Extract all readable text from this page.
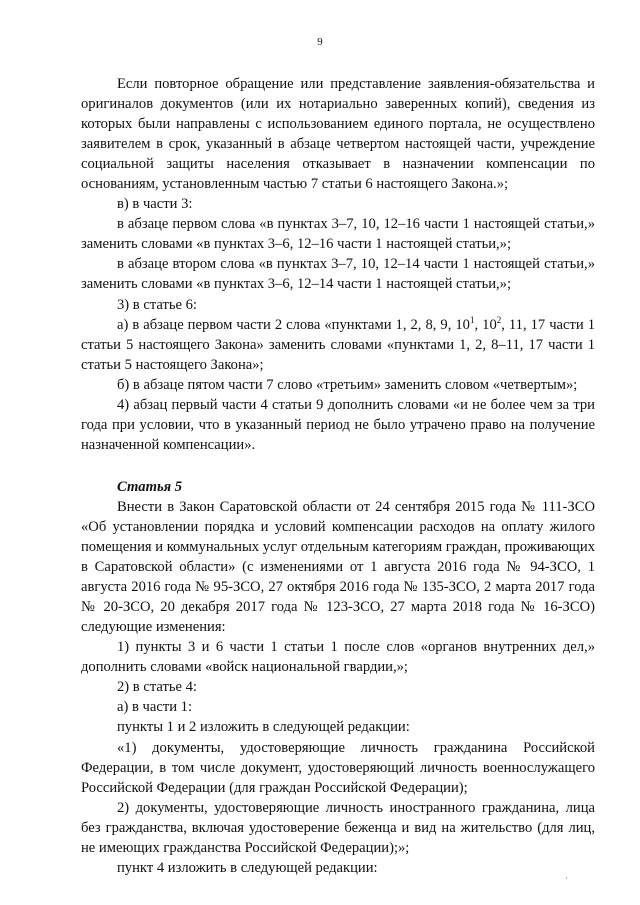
9

Если повторное обращение или представление заявления-обязательства и оригиналов документов (или их нотариально заверенных копий), сведения из которых были направлены с использованием единого портала, не осуществлено заявителем в срок, указанный в абзаце четвертом настоящей части, учреждение социальной защиты населения отказывает в назначении компенсации по основаниям, установленным частью 7 статьи 6 настоящего Закона.»;

в) в части 3:

в абзаце первом слова «в пунктах 3–7, 10, 12–16 части 1 настоящей статьи,» заменить словами «в пунктах 3–6, 12–16 части 1 настоящей статьи,»;

в абзаце втором слова «в пунктах 3–7, 10, 12–14 части 1 настоящей статьи,» заменить словами «в пунктах 3–6, 12–14 части 1 настоящей статьи,»;

3) в статье 6:

а) в абзаце первом части 2 слова «пунктами 1, 2, 8, 9, $10^1$, $10^2$, 11, 17 части 1 статьи 5 настоящего Закона» заменить словами «пунктами 1, 2, 8–11, 17 части 1 статьи 5 настоящего Закона»;

б) в абзаце пятом части 7 слово «третьим» заменить словом «четвертым»;

4) абзац первый части 4 статьи 9 дополнить словами «и не более чем за три года при условии, что в указанный период не было утрачено право на получение назначенной компенсации».

Статья 5

Внести в Закон Саратовской области от 24 сентября 2015 года № 111-ЗСО «Об установлении порядка и условий компенсации расходов на оплату жилого помещения и коммунальных услуг отдельным категориям граждан, проживающих в Саратовской области» (с изменениями от 1 августа 2016 года № 94-ЗСО, 1 августа 2016 года № 95-ЗСО, 27 октября 2016 года № 135-ЗСО, 2 марта 2017 года № 20-ЗСО, 20 декабря 2017 года № 123-ЗСО, 27 марта 2018 года № 16-ЗСО) следующие изменения:

1) пункты 3 и 6 части 1 статьи 1 после слов «органов внутренних дел,» дополнить словами «войск национальной гвардии,»;

2) в статье 4:

а) в части 1:

пункты 1 и 2 изложить в следующей редакции:

«1) документы, удостоверяющие личность гражданина Российской Федерации, в том числе документ, удостоверяющий личность военнослужащего Российской Федерации (для граждан Российской Федерации);

2) документы, удостоверяющие личность иностранного гражданина, лица без гражданства, включая удостоверение беженца и вид на жительство (для лиц, не имеющих гражданства Российской Федерации);»;

пункт 4 изложить в следующей редакции:

·
